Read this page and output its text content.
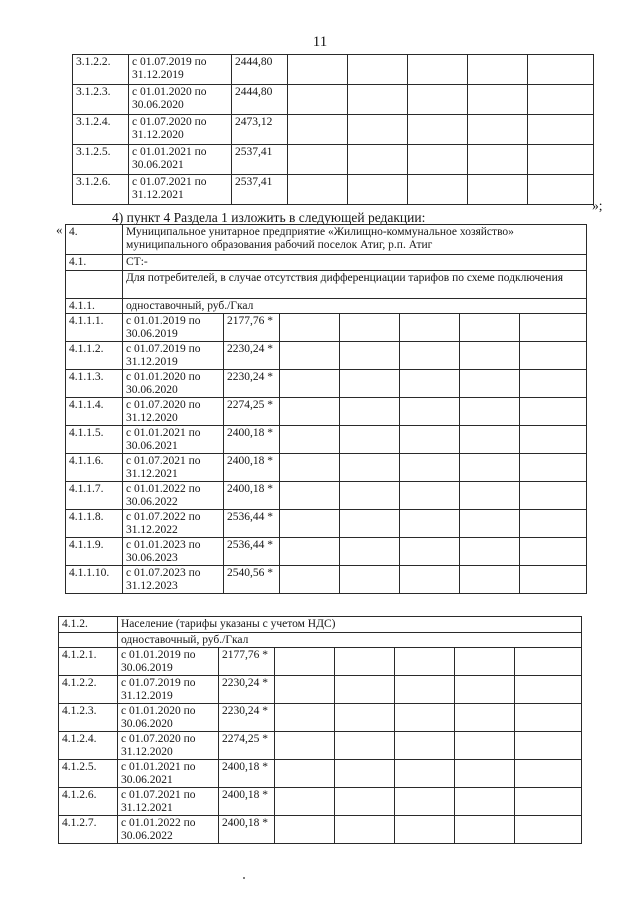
11
3.1.2.2.	с 01.07.2019 по 31.12.2019	2444,80					
3.1.2.3.	с 01.01.2020 по 30.06.2020	2444,80					
3.1.2.4.	с 01.07.2020 по 31.12.2020	2473,12					
3.1.2.5.	с 01.01.2021 по 30.06.2021	2537,41					
3.1.2.6.	с 01.07.2021 по 31.12.2021	2537,41					
»;
4) пункт 4 Раздела 1 изложить в следующей редакции:
« 4.	Муниципальное унитарное предприятие «Жилищно-коммунальное хозяйство» муниципального образования рабочий поселок Атиг, р.п. Атиг						
4.1.	СТ:-						
	Для потребителей, в случае отсутствия дифференциации тарифов по схеме подключения						
4.1.1.	одноставочный, руб./Гкал						
4.1.1.1.	с 01.01.2019 по 30.06.2019	2177,76 *					
4.1.1.2.	с 01.07.2019 по 31.12.2019	2230,24 *					
4.1.1.3.	с 01.01.2020 по 30.06.2020	2230,24 *					
4.1.1.4.	с 01.07.2020 по 31.12.2020	2274,25 *					
4.1.1.5.	с 01.01.2021 по 30.06.2021	2400,18 *					
4.1.1.6.	с 01.07.2021 по 31.12.2021	2400,18 *					
4.1.1.7.	с 01.01.2022 по 30.06.2022	2400,18 *					
4.1.1.8.	с 01.07.2022 по 31.12.2022	2536,44 *					
4.1.1.9.	с 01.01.2023 по 30.06.2023	2536,44 *					
4.1.1.10.	с 01.07.2023 по 31.12.2023	2540,56 *					
4.1.2.	Население (тарифы указаны с учетом НДС)						
	одноставочный, руб./Гкал						
4.1.2.1.	с 01.01.2019 по 30.06.2019	2177,76 *					
4.1.2.2.	с 01.07.2019 по 31.12.2019	2230,24 *					
4.1.2.3.	с 01.01.2020 по 30.06.2020	2230,24 *					
4.1.2.4.	с 01.07.2020 по 31.12.2020	2274,25 *					
4.1.2.5.	с 01.01.2021 по 30.06.2021	2400,18 *					
4.1.2.6.	с 01.07.2021 по 31.12.2021	2400,18 *					
4.1.2.7.	с 01.01.2022 по 30.06.2022	2400,18 *					
